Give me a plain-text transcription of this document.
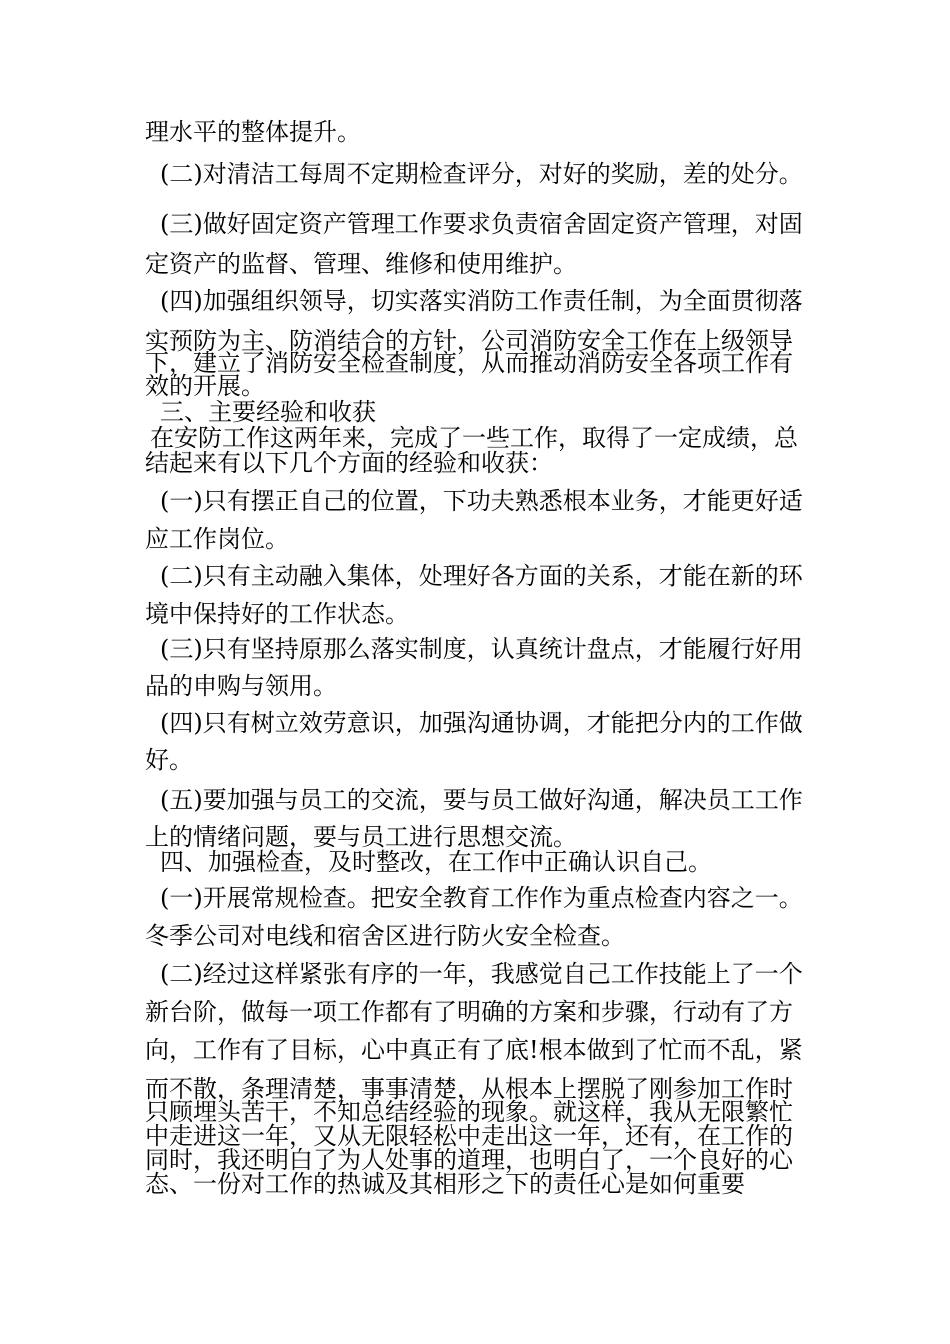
理水平的整体提升。
(二)对清洁工每周不定期检查评分，对好的奖励，差的处分。
(三)做好固定资产管理工作要求负责宿舍固定资产管理，对固
定资产的监督、管理、维修和使用维护。
(四)加强组织领导，切实落实消防工作责任制，为全面贯彻落
实预防为主、防消结合的方针，公司消防安全工作在上级领导
下，建立了消防安全检查制度，从而推动消防安全各项工作有
效的开展。
三、主要经验和收获
在安防工作这两年来，完成了一些工作，取得了一定成绩，总
结起来有以下几个方面的经验和收获：
(一)只有摆正自己的位置，下功夫熟悉根本业务，才能更好适
应工作岗位。
(二)只有主动融入集体，处理好各方面的关系，才能在新的环
境中保持好的工作状态。
(三)只有坚持原那么落实制度，认真统计盘点，才能履行好用
品的申购与领用。
(四)只有树立效劳意识，加强沟通协调，才能把分内的工作做
好。
(五)要加强与员工的交流，要与员工做好沟通，解决员工工作
上的情绪问题，要与员工进行思想交流。
四、加强检查，及时整改，在工作中正确认识自己。
(一)开展常规检查。把安全教育工作作为重点检查内容之一。
冬季公司对电线和宿舍区进行防火安全检查。
(二)经过这样紧张有序的一年，我感觉自己工作技能上了一个
新台阶，做每一项工作都有了明确的方案和步骤，行动有了方
向，工作有了目标，心中真正有了底!根本做到了忙而不乱，紧
而不散，条理清楚，事事清楚，从根本上摆脱了刚参加工作时
只顾埋头苦干，不知总结经验的现象。就这样，我从无限繁忙
中走进这一年，又从无限轻松中走出这一年，还有，在工作的
同时，我还明白了为人处事的道理，也明白了，一个良好的心
态、一份对工作的热诚及其相形之下的责任心是如何重要
